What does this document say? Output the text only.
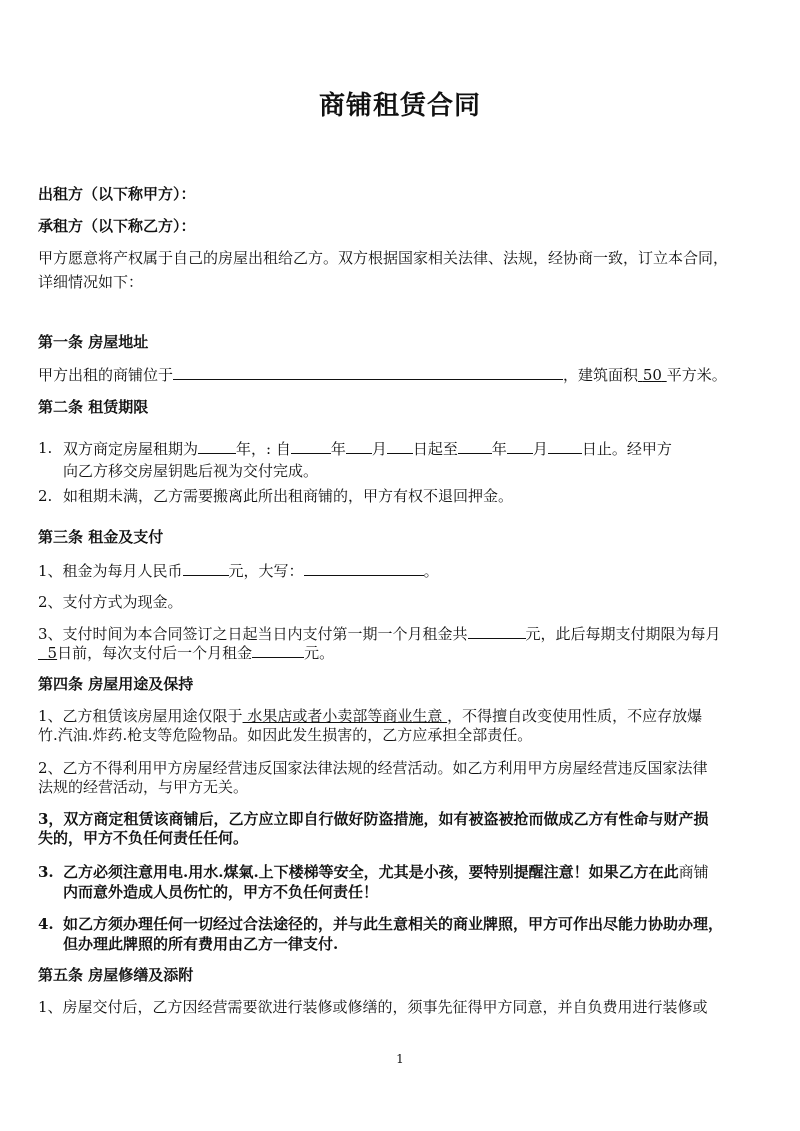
商铺租赁合同
出租方（以下称甲方）：
承租方（以下称乙方）：
甲方愿意将产权属于自己的房屋出租给乙方。双方根据国家相关法律、法规，经协商一致，订立本合同，
详细情况如下：
第一条 房屋地址
甲方出租的商铺位于	，建筑面积 50 平方米。
第二条 租赁期限
1. 双方商定房屋租期为	年，: 自	年 月 日起至 年 月 日止。经甲方
向乙方移交房屋钥匙后视为交付完成。
2. 如租期未满，乙方需要搬离此所出租商铺的，甲方有权不退回押金。
第三条 租金及支付
1、租金为每月人民币	元，大写：	。
2、支付方式为现金。
3、支付时间为本合同签订之日起当日内支付第一期一个月租金共	元，此后每期支付期限为每月
5日前，每次支付后一个月租金	元。
第四条 房屋用途及保持
1、乙方租赁该房屋用途仅限于 水果店或者小卖部等商业生意 ，不得擅自改变使用性质，不应存放爆
竹.汽油.炸药.枪支等危险物品。如因此发生损害的，乙方应承担全部责任。
2、乙方不得利用甲方房屋经营违反国家法律法规的经营活动。如乙方利用甲方房屋经营违反国家法律
法规的经营活动，与甲方无关。
3，双方商定租赁该商铺后，乙方应立即自行做好防盗措施，如有被盗被抢而做成乙方有性命与财产损
失的，甲方不负任何责任任何。
3. 乙方必须注意用电.用水.煤氣.上下楼梯等安全，尤其是小孩，要特别提醒注意！如果乙方在此商铺
内而意外造成人员伤忙的，甲方不负任何责任！
4. 如乙方须办理任何一切经过合法途径的，并与此生意相关的商业牌照，甲方可作出尽能力协助办理，
但办理此牌照的所有费用由乙方一律支付.
第五条 房屋修缮及添附
1、房屋交付后，乙方因经营需要欲进行装修或修缮的，须事先征得甲方同意，并自负费用进行装修或
1
